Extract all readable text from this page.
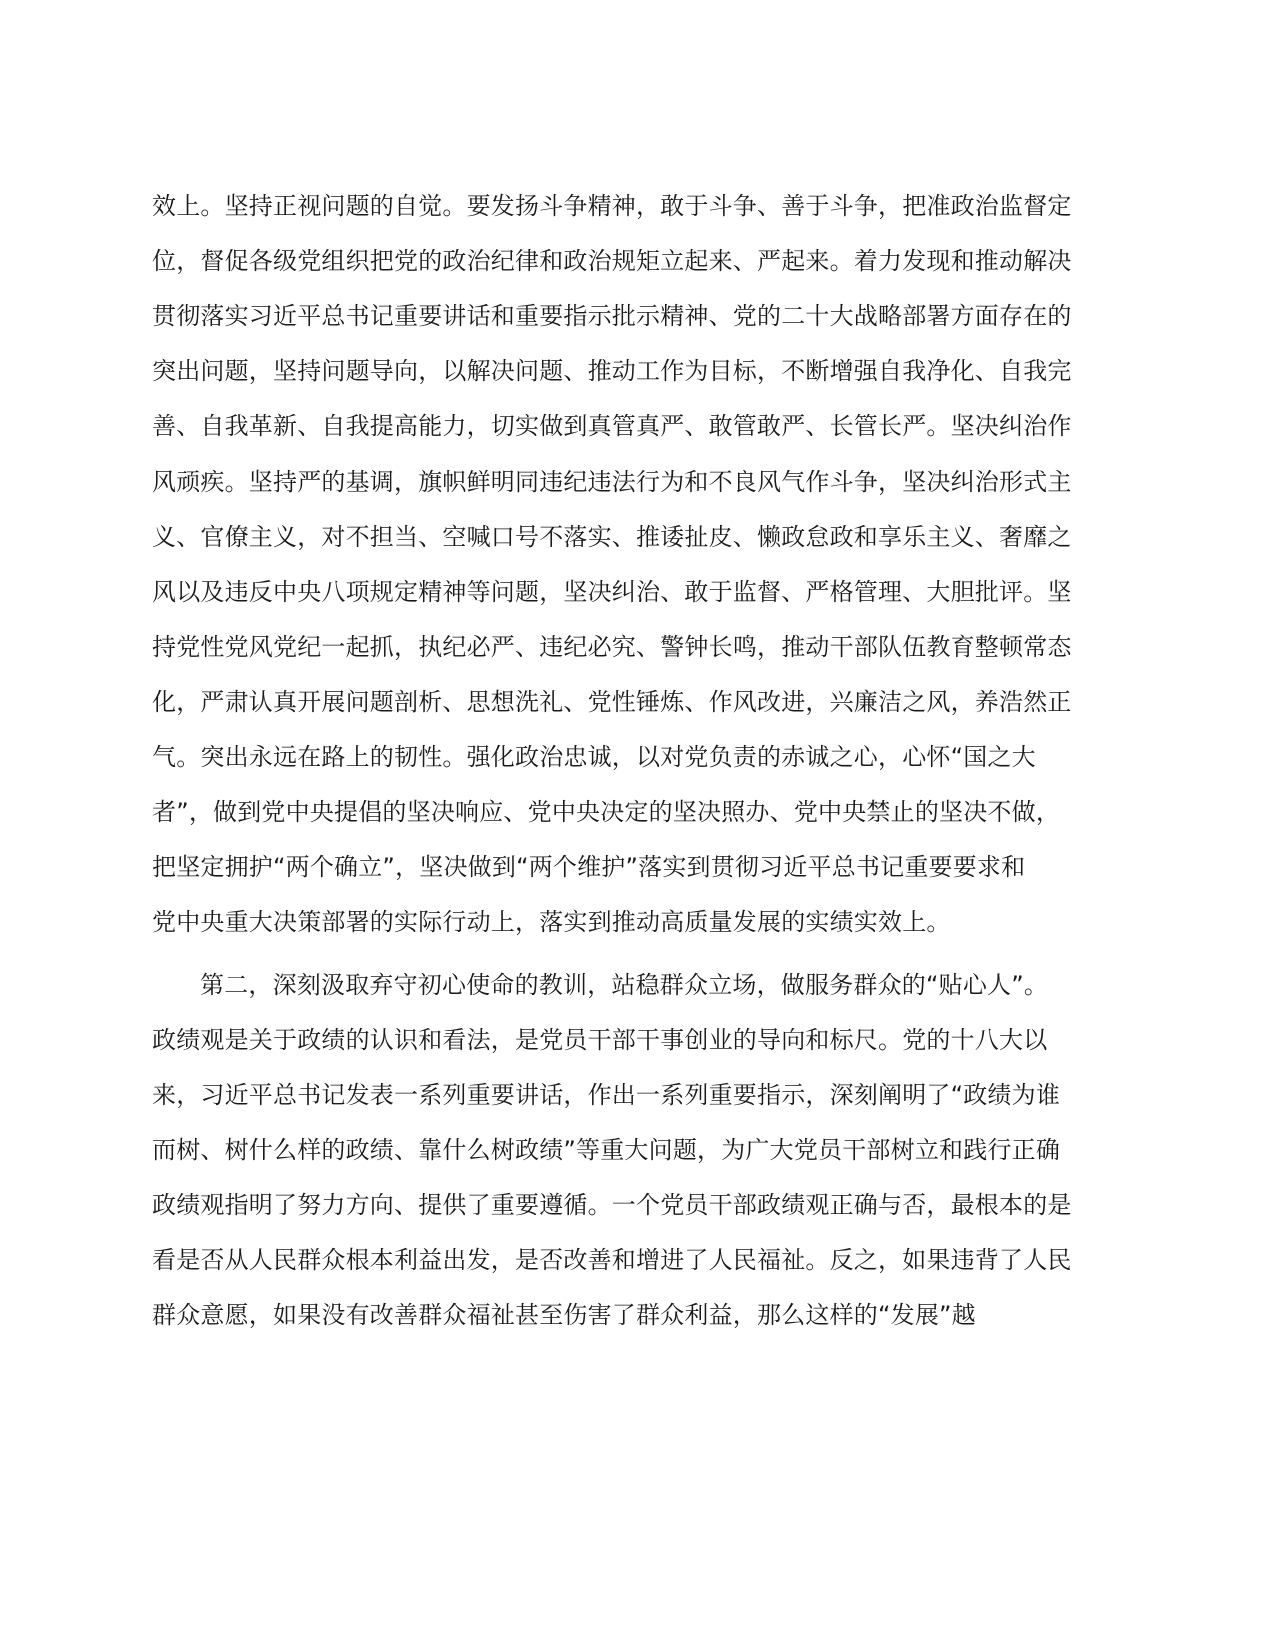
效上。坚持正视问题的自觉。要发扬斗争精神，敢于斗争、善于斗争，把准政治监督定
位，督促各级党组织把党的政治纪律和政治规矩立起来、严起来。着力发现和推动解决
贯彻落实习近平总书记重要讲话和重要指示批示精神、党的二十大战略部署方面存在的
突出问题，坚持问题导向，以解决问题、推动工作为目标，不断增强自我净化、自我完
善、自我革新、自我提高能力，切实做到真管真严、敢管敢严、长管长严。坚决纠治作
风顽疾。坚持严的基调，旗帜鲜明同违纪违法行为和不良风气作斗争，坚决纠治形式主
义、官僚主义，对不担当、空喊口号不落实、推诿扯皮、懒政怠政和享乐主义、奢靡之
风以及违反中央八项规定精神等问题，坚决纠治、敢于监督、严格管理、大胆批评。坚
持党性党风党纪一起抓，执纪必严、违纪必究、警钟长鸣，推动干部队伍教育整顿常态
化，严肃认真开展问题剖析、思想洗礼、党性锤炼、作风改进，兴廉洁之风，养浩然正
气。突出永远在路上的韧性。强化政治忠诚，以对党负责的赤诚之心，心怀“国之大
者”，做到党中央提倡的坚决响应、党中央决定的坚决照办、党中央禁止的坚决不做，
把坚定拥护“两个确立”，坚决做到“两个维护”落实到贯彻习近平总书记重要要求和
党中央重大决策部署的实际行动上，落实到推动高质量发展的实绩实效上。
第二，深刻汲取弃守初心使命的教训，站稳群众立场，做服务群众的“贴心人”。
政绩观是关于政绩的认识和看法，是党员干部干事创业的导向和标尺。党的十八大以
来，习近平总书记发表一系列重要讲话，作出一系列重要指示，深刻阐明了“政绩为谁
而树、树什么样的政绩、靠什么树政绩”等重大问题，为广大党员干部树立和践行正确
政绩观指明了努力方向、提供了重要遵循。一个党员干部政绩观正确与否，最根本的是
看是否从人民群众根本利益出发，是否改善和增进了人民福祉。反之，如果违背了人民
群众意愿，如果没有改善群众福祉甚至伤害了群众利益，那么这样的“发展”越
